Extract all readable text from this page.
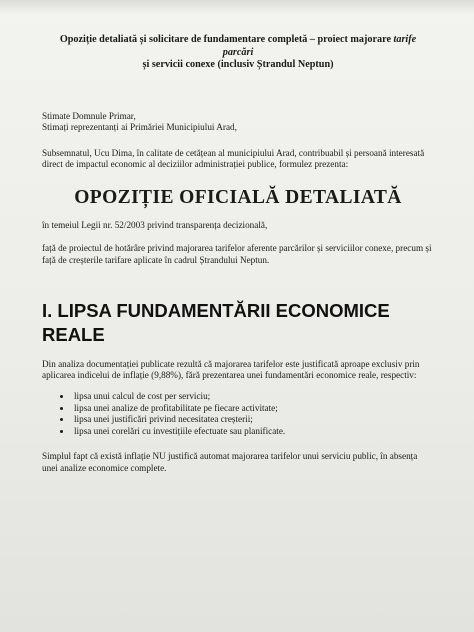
Opoziție detaliată și solicitare de fundamentare completă – proiect majorare tarife parcări
și servicii conexe (inclusiv Ștrandul Neptun)
Stimate Domnule Primar,
Stimați reprezentanți ai Primăriei Municipiului Arad,

Subsemnatul, Ucu Dima, în calitate de cetățean al municipiului Arad, contribuabil și persoană interesată direct de impactul economic al deciziilor administrației publice, formulez prezenta:

OPOZIȚIE OFICIALĂ DETALIATĂ

în temeiul Legii nr. 52/2003 privind transparența decizională,

față de proiectul de hotărâre privind majorarea tarifelor aferente parcărilor și serviciilor conexe, precum și față de creșterile tarifare aplicate în cadrul Ștrandului Neptun.

I. LIPSA FUNDAMENTĂRII ECONOMICE REALE

Din analiza documentației publicate rezultă că majorarea tarifelor este justificată aproape exclusiv prin aplicarea indicelui de inflație (9,88%), fără prezentarea unei fundamentări economice reale, respectiv:

• lipsa unui calcul de cost per serviciu;
• lipsa unei analize de profitabilitate pe fiecare activitate;
• lipsa unei justificări privind necesitatea creșterii;
• lipsa unei corelări cu investițiile efectuate sau planificate.

Simplul fapt că există inflație NU justifică automat majorarea tarifelor unui serviciu public, în absența unei analize economice complete.
